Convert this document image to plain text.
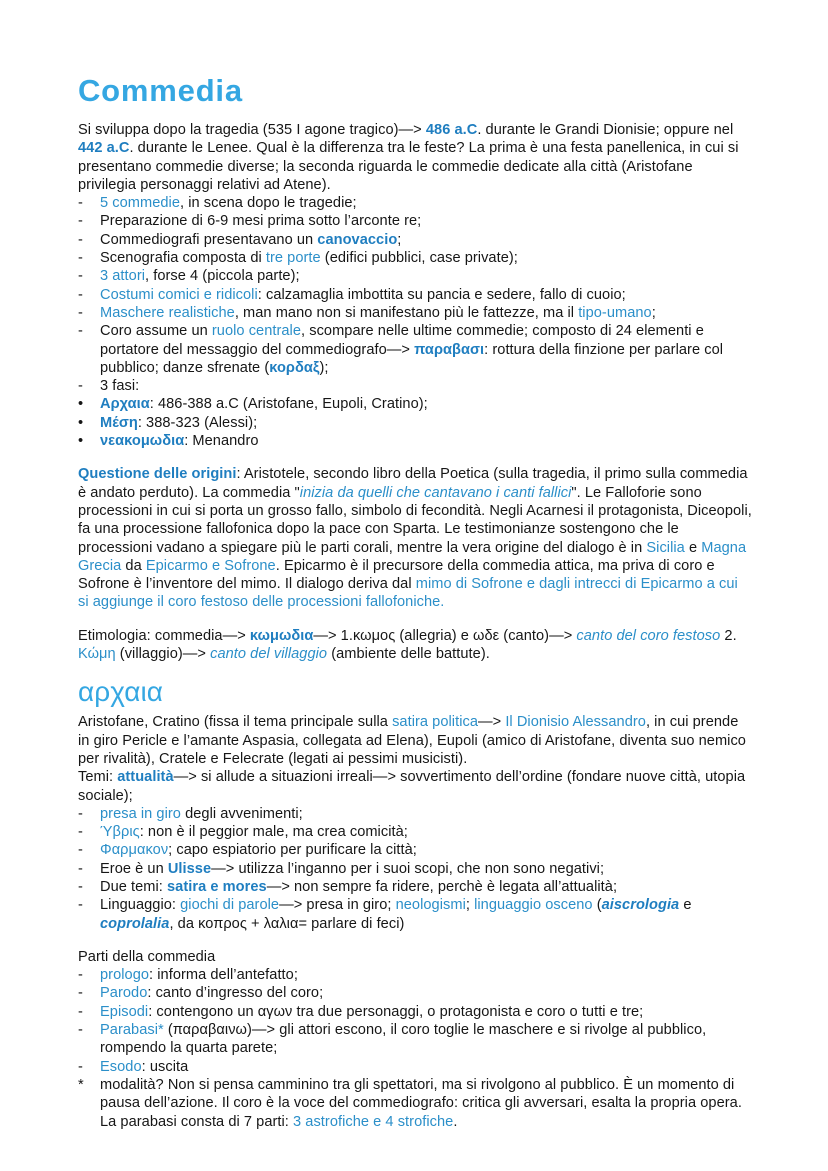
Commedia
Si sviluppa dopo la tragedia (535 I agone tragico)—> 486 a.C. durante le Grandi Dionisie; oppure nel 442 a.C. durante le Lenee. Qual è la differenza tra le feste? La prima è una festa panellenica, in cui si presentano commedie diverse; la seconda riguarda le commedie dedicate alla città (Aristofane privilegia personaggi relativi ad Atene).
-	5 commedie, in scena dopo le tragedie;
-	Preparazione di 6-9 mesi prima sotto l’arconte re;
-	Commediografi presentavano un canovaccio;
-	Scenografia composta di tre porte (edifici pubblici, case private);
-	3 attori, forse 4 (piccola parte);
-	Costumi comici e ridicoli: calzamaglia imbottita su pancia e sedere, fallo di cuoio;
-	Maschere realistiche, man mano non si manifestano più le fattezze, ma il tipo-umano;
-	Coro assume un ruolo centrale, scompare nelle ultime commedie; composto di 24 elementi e portatore del messaggio del commediografo—> παραβασι: rottura della finzione per parlare col pubblico; danze sfrenate (κορδαξ);
-	3 fasi:
•	Αρχαια: 486-388 a.C (Aristofane, Eupoli, Cratino);
•	Μέση: 388-323 (Alessi);
•	νεακομωδια: Menandro
Questione delle origini: Aristotele, secondo libro della Poetica (sulla tragedia, il primo sulla commedia è andato perduto). La commedia "inizia da quelli che cantavano i canti fallici". Le Falloforie sono processioni in cui si porta un grosso fallo, simbolo di fecondità. Negli Acarnesi il protagonista, Diceopoli, fa una processione fallofonica dopo la pace con Sparta. Le testimonianze sostengono che le processioni vadano a spiegare più le parti corali, mentre la vera origine del dialogo è in Sicilia e Magna Grecia da Epicarmo e Sofrone. Epicarmo è il precursore della commedia attica, ma priva di coro e Sofrone è l’inventore del mimo. Il dialogo deriva dal mimo di Sofrone e dagli intrecci di Epicarmo a cui si aggiunge il coro festoso delle processioni fallofoniche.
Etimologia: commedia—> κωμωδια—> 1.κωμος (allegria) e ωδε (canto)—> canto del coro festoso 2. Κώμη (villaggio)—> canto del villaggio (ambiente delle battute).
αρχαια
Aristofane, Cratino (fissa il tema principale sulla satira politica—> Il Dionisio Alessandro, in cui prende in giro Pericle e l’amante Aspasia, collegata ad Elena), Eupoli (amico di Aristofane, diventa suo nemico per rivalità), Cratele e Felecrate (legati ai pessimi musicisti).
Temi: attualità—> si allude a situazioni irreali—> sovvertimento dell’ordine (fondare nuove città, utopia sociale);
-	presa in giro degli avvenimenti;
-	Ύβρις: non è il peggior male, ma crea comicità;
-	Φαρμακον; capo espiatorio per purificare la città;
-	Eroe è un Ulisse—> utilizza l’inganno per i suoi scopi, che non sono negativi;
-	Due temi: satira e mores—> non sempre fa ridere, perchè è legata all’attualità;
-	Linguaggio: giochi di parole—> presa in giro; neologismi; linguaggio osceno (aiscrologia e coprolalia, da κοπρος + λαλια= parlare di feci)
Parti della commedia
-	prologo: informa dell’antefatto;
-	Parodo: canto d’ingresso del coro;
-	Episodi: contengono un αγων tra due personaggi, o protagonista e coro o tutti e tre;
-	Parabasi* (παραβαινω)—> gli attori escono, il coro toglie le maschere e si rivolge al pubblico, rompendo la quarta parete;
-	Esodo: uscita
*	modalità? Non si pensa camminino tra gli spettatori, ma si rivolgono al pubblico. È un momento di pausa dell’azione. Il coro è la voce del commediografo: critica gli avversari, esalta la propria opera. La parabasi consta di 7 parti: 3 astrofiche e 4 strofiche.
